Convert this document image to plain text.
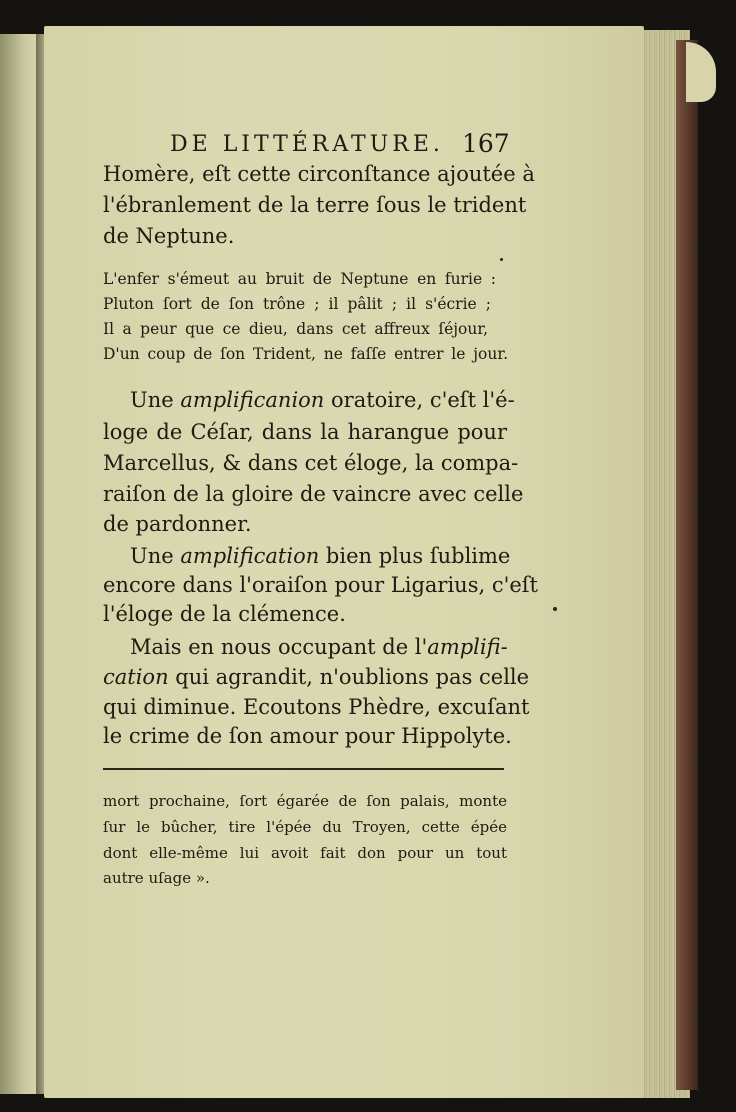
DE LITTÉRATURE. 167
Homère, eſt cette circonſtance ajoutée à
l'ébranlement de la terre ſous le trident
de Neptune.
L'enfer s'émeut au bruit de Neptune en furie :
Pluton ſort de ſon trône ; il pâlit ; il s'écrie ;
Il a peur que ce dieu, dans cet affreux ſéjour,
D'un coup de ſon Trident, ne faſſe entrer le jour.
Une amplificanion oratoire, c'eſt l'é-
loge de Céſar, dans la harangue pour
Marcellus, & dans cet éloge, la compa-
raiſon de la gloire de vaincre avec celle
de pardonner.
Une amplification bien plus ſublime
encore dans l'oraiſon pour Ligarius, c'eſt
l'éloge de la clémence.
Mais en nous occupant de l'amplifi-
cation qui agrandit, n'oublions pas celle
qui diminue. Ecoutons Phèdre, excuſant
le crime de ſon amour pour Hippolyte.
mort prochaine, ſort égarée de ſon palais, monte
ſur le bûcher, tire l'épée du Troyen, cette épée
dont elle-même lui avoit fait don pour un tout
autre uſage ».
